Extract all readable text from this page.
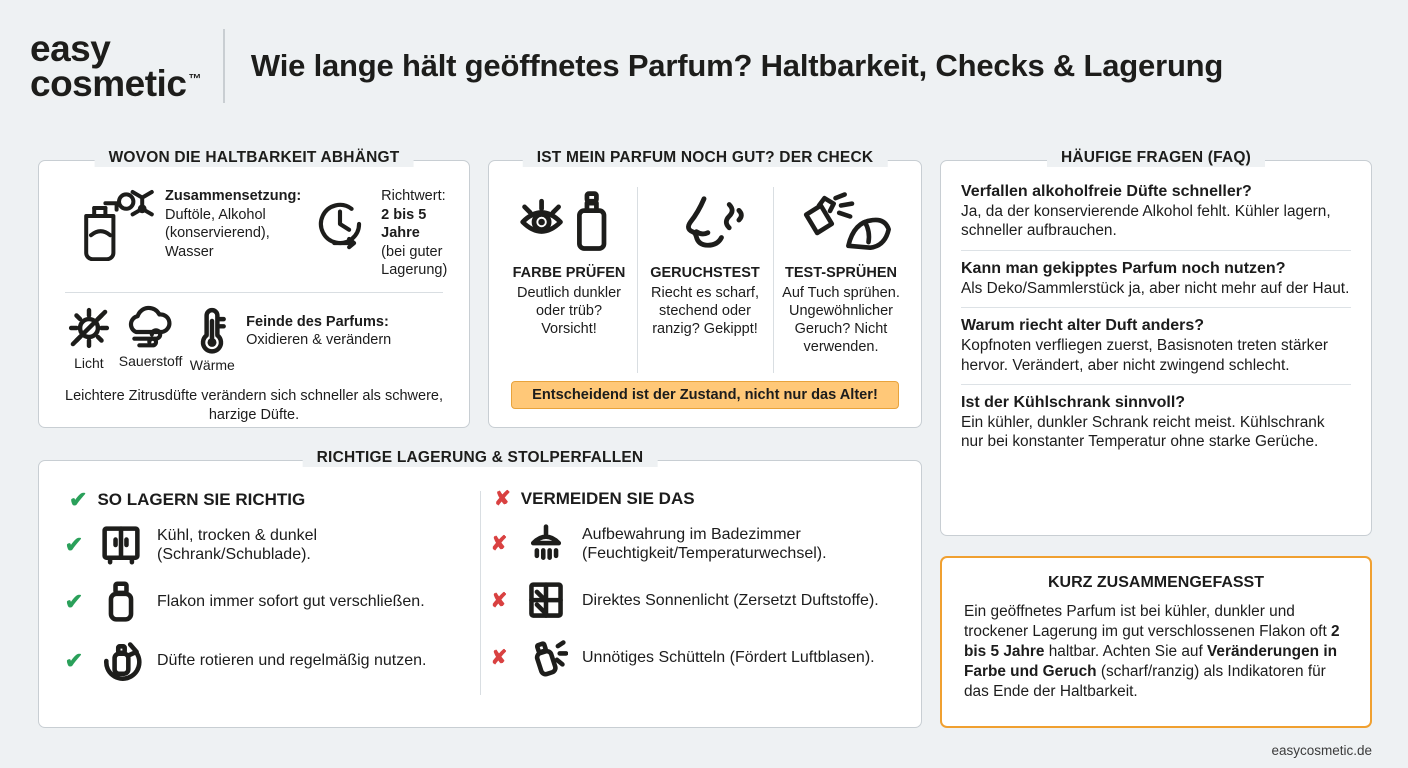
easy
cosmetic ™ Wie lange hält geöffnetes Parfum? Haltbarkeit, Checks & Lagerung
WOVON DIE HALTBARKEIT ABHÄNGT
Zusammensetzung:
Duftöle, Alkohol (konservierend), Wasser
Richtwert:
2 bis 5 Jahre
(bei guter Lagerung)
Licht	Sauerstoff Wärme
Feinde des Parfums: Oxidieren & verändern
Leichtere Zitrusdüfte verändern sich schneller als schwere, harzige Düfte.
IST MEIN PARFUM NOCH GUT? DER CHECK
FARBE PRÜFEN
Deutlich dunkler oder trüb? Vorsicht!
GERUCHSTEST
Riecht es scharf, stechend oder ranzig? Gekippt!
TEST-SPRÜHEN
Auf Tuch sprühen. Ungewöhnlicher Geruch? Nicht verwenden.
Entscheidend ist der Zustand, nicht nur das Alter!
HÄUFIGE FRAGEN (FAQ)
Verfallen alkoholfreie Düfte schneller?
Ja, da der konservierende Alkohol fehlt. Kühler lagern, schneller aufbrauchen.
Kann man gekipptes Parfum noch nutzen?
Als Deko/Sammlerstück ja, aber nicht mehr auf der Haut.
Warum riecht alter Duft anders?
Kopfnoten verfliegen zuerst, Basisnoten treten stärker hervor. Verändert, aber nicht zwingend schlecht.
Ist der Kühlschrank sinnvoll?
Ein kühler, dunkler Schrank reicht meist. Kühlschrank nur bei konstanter Temperatur ohne starke Gerüche.
RICHTIGE LAGERUNG & STOLPERFALLEN
✔ SO LAGERN SIE RICHTIG
✔	Kühl, trocken & dunkel (Schrank/Schublade).
✔	Flakon immer sofort gut verschließen.
✔	Düfte rotieren und regelmäßig nutzen.
✘ VERMEIDEN SIE DAS
✘	Aufbewahrung im Badezimmer (Feuchtigkeit/Temperaturwechsel).
✘	Direktes Sonnenlicht (Zersetzt Duftstoffe).
✘	Unnötiges Schütteln (Fördert Luftblasen).
KURZ ZUSAMMENGEFASST
Ein geöffnetes Parfum ist bei kühler, dunkler und trockener Lagerung im gut verschlossenen Flakon oft 2 bis 5 Jahre haltbar. Achten Sie auf Veränderungen in Farbe und Geruch (scharf/ranzig) als Indikatoren für das Ende der Haltbarkeit.
easycosmetic.de
